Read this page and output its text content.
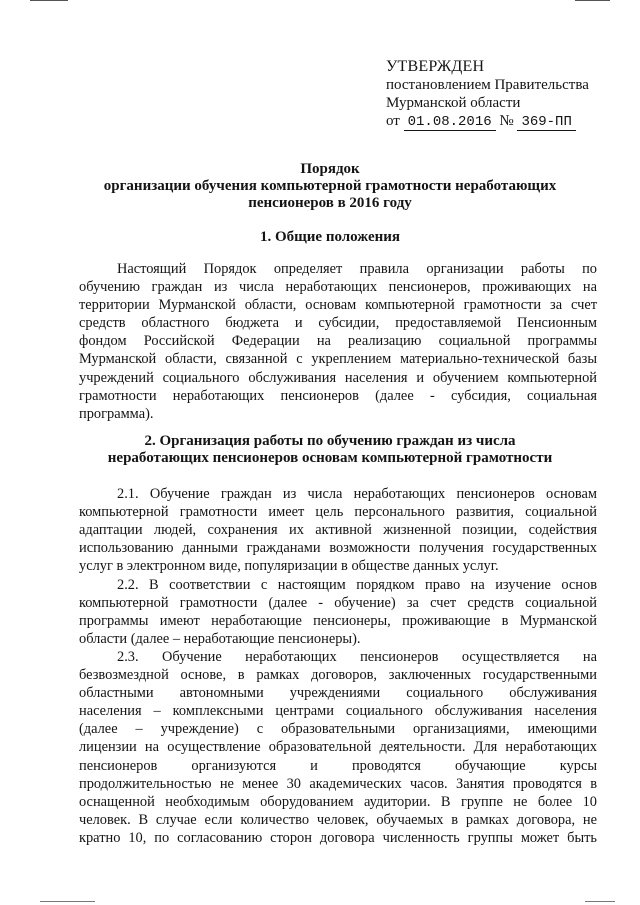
УТВЕРЖДЕН
постановлением Правительства
Мурманской области
от 01.08.2016 № 369-ПП
Порядок
организации обучения компьютерной грамотности неработающих
пенсионеров в 2016 году
1. Общие положения
Настоящий Порядок определяет правила организации работы по
обучению граждан из числа неработающих пенсионеров, проживающих на
территории Мурманской области, основам компьютерной грамотности за счет
средств областного бюджета и субсидии, предоставляемой Пенсионным
фондом Российской Федерации на реализацию социальной программы
Мурманской области, связанной с укреплением материально-технической базы
учреждений социального обслуживания населения и обучением компьютерной
грамотности неработающих пенсионеров (далее - субсидия, социальная
программа).
2. Организация работы по обучению граждан из числа
неработающих пенсионеров основам компьютерной грамотности
2.1. Обучение граждан из числа неработающих пенсионеров основам
компьютерной грамотности имеет цель персонального развития, социальной
адаптации людей, сохранения их активной жизненной позиции, содействия
использованию данными гражданами возможности получения государственных
услуг в электронном виде, популяризации в обществе данных услуг.
2.2. В соответствии с настоящим порядком право на изучение основ
компьютерной грамотности (далее - обучение) за счет средств социальной
программы имеют неработающие пенсионеры, проживающие в Мурманской
области (далее – неработающие пенсионеры).
2.3. Обучение неработающих пенсионеров осуществляется на
безвозмездной основе, в рамках договоров, заключенных государственными
областными автономными учреждениями социального обслуживания
населения – комплексными центрами социального обслуживания населения
(далее – учреждение) с образовательными организациями, имеющими
лицензии на осуществление образовательной деятельности. Для неработающих
пенсионеров организуются и проводятся обучающие курсы
продолжительностью не менее 30 академических часов. Занятия проводятся в
оснащенной необходимым оборудованием аудитории. В группе не более 10
человек. В случае если количество человек, обучаемых в рамках договора, не
кратно 10, по согласованию сторон договора численность группы может быть
